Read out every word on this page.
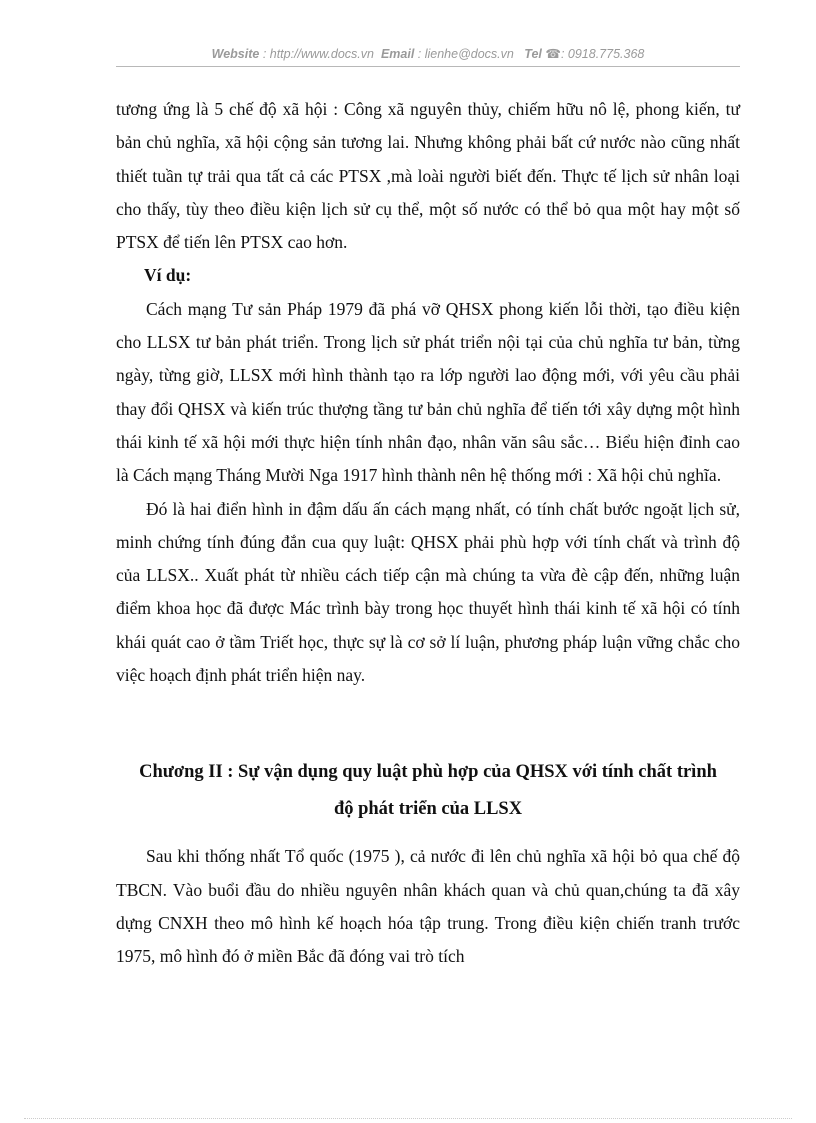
Website : http://www.docs.vn Email : lienhe@docs.vn Tel ☎: 0918.775.368

tương ứng là 5 chế độ xã hội : Công xã nguyên thủy, chiếm hữu nô lệ, phong kiến, tư bản chủ nghĩa, xã hội cộng sản tương lai. Nhưng không phải bất cứ nước nào cũng nhất thiết tuần tự trải qua tất cả các PTSX ,mà loài người biết đến. Thực tế lịch sử nhân loại cho thấy, tùy theo điều kiện lịch sử cụ thể, một số nước có thể bỏ qua một hay một số PTSX để tiến lên PTSX cao hơn.

Ví dụ:

Cách mạng Tư sản Pháp 1979 đã phá vỡ QHSX phong kiến lỗi thời, tạo điều kiện cho LLSX tư bản phát triển. Trong lịch sử phát triển nội tại của chủ nghĩa tư bản, từng ngày, từng giờ, LLSX mới hình thành tạo ra lớp người lao động mới, với yêu cầu phải thay đổi QHSX và kiến trúc thượng tầng tư bản chủ nghĩa để tiến tới xây dựng một hình thái kinh tế xã hội mới thực hiện tính nhân đạo, nhân văn sâu sắc… Biểu hiện đỉnh cao là Cách mạng Tháng Mười Nga 1917 hình thành nên hệ thống mới : Xã hội chủ nghĩa.

Đó là hai điển hình in đậm dấu ấn cách mạng nhất, có tính chất bước ngoặt lịch sử, minh chứng tính đúng đắn cua quy luật: QHSX phải phù hợp với tính chất và trình độ của LLSX.. Xuất phát từ nhiều cách tiếp cận mà chúng ta vừa đè cập đến, những luận điểm khoa học đã được Mác trình bày trong học thuyết hình thái kinh tế xã hội có tính khái quát cao ở tầm Triết học, thực sự là cơ sở lí luận, phương pháp luận vững chắc cho việc hoạch định phát triển hiện nay.

Chương II : Sự vận dụng quy luật phù hợp của QHSX với tính chất trình độ phát triển của LLSX

Sau khi thống nhất Tổ quốc (1975 ), cả nước đi lên chủ nghĩa xã hội bỏ qua chế độ TBCN. Vào buổi đầu do nhiều nguyên nhân khách quan và chủ quan,chúng ta đã xây dựng CNXH theo mô hình kế hoạch hóa tập trung. Trong điều kiện chiến tranh trước 1975, mô hình đó ở miền Bắc đã đóng vai trò tích
